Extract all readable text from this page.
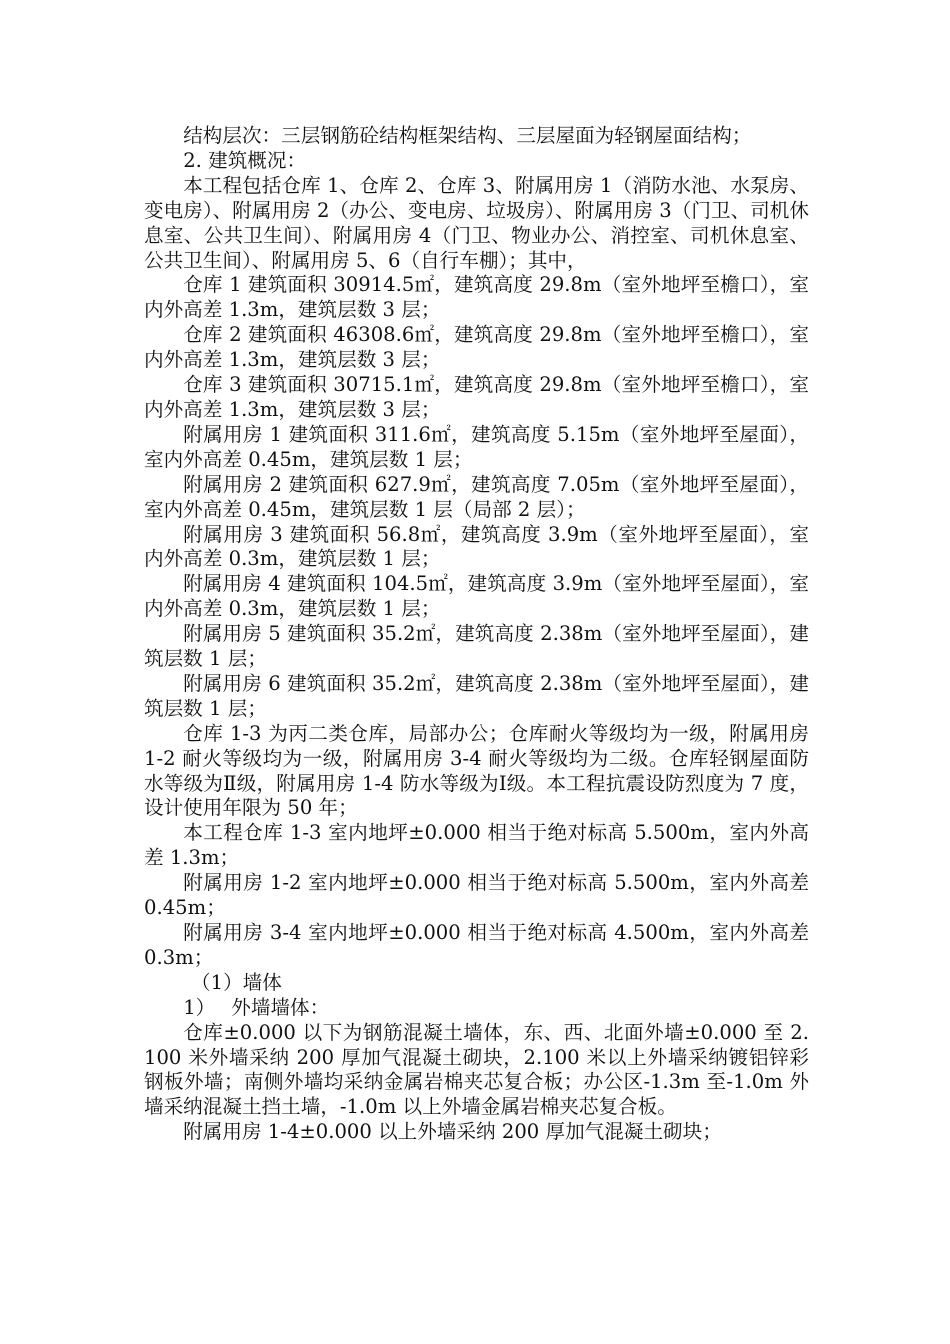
结构层次：三层钢筋砼结构框架结构、三层屋面为轻钢屋面结构；

2. 建筑概况：

本工程包括仓库 1、仓库 2、仓库 3、附属用房 1（消防水池、水泵房、变电房）、附属用房 2（办公、变电房、垃圾房）、附属用房 3（门卫、司机休息室、公共卫生间）、附属用房 4（门卫、物业办公、消控室、司机休息室、公共卫生间）、附属用房 5、6（自行车棚）；其中，

仓库 1 建筑面积 30914.5㎡，建筑高度 29.8m（室外地坪至檐口），室内外高差 1.3m，建筑层数 3 层；

仓库 2 建筑面积 46308.6㎡，建筑高度 29.8m（室外地坪至檐口），室内外高差 1.3m，建筑层数 3 层；

仓库 3 建筑面积 30715.1㎡，建筑高度 29.8m（室外地坪至檐口），室内外高差 1.3m，建筑层数 3 层；

附属用房 1 建筑面积 311.6㎡，建筑高度 5.15m（室外地坪至屋面），室内外高差 0.45m，建筑层数 1 层；

附属用房 2 建筑面积 627.9㎡，建筑高度 7.05m（室外地坪至屋面），室内外高差 0.45m，建筑层数 1 层（局部 2 层）；

附属用房 3 建筑面积 56.8㎡，建筑高度 3.9m（室外地坪至屋面），室内外高差 0.3m，建筑层数 1 层；

附属用房 4 建筑面积 104.5㎡，建筑高度 3.9m（室外地坪至屋面），室内外高差 0.3m，建筑层数 1 层；

附属用房 5 建筑面积 35.2㎡，建筑高度 2.38m（室外地坪至屋面），建筑层数 1 层；

附属用房 6 建筑面积 35.2㎡，建筑高度 2.38m（室外地坪至屋面），建筑层数 1 层；

仓库 1-3 为丙二类仓库，局部办公；仓库耐火等级均为一级，附属用房 1-2 耐火等级均为一级，附属用房 3-4 耐火等级均为二级。仓库轻钢屋面防水等级为Ⅱ级，附属用房 1-4 防水等级为Ⅰ级。本工程抗震设防烈度为 7 度，设计使用年限为 50 年；

本工程仓库 1-3 室内地坪±0.000 相当于绝对标高 5.500m，室内外高差 1.3m；

附属用房 1-2 室内地坪±0.000 相当于绝对标高 5.500m，室内外高差 0.45m；

附属用房 3-4 室内地坪±0.000 相当于绝对标高 4.500m，室内外高差 0.3m；

（1）墙体

1）　 外墙墙体：

仓库±0.000 以下为钢筋混凝土墙体，东、西、北面外墙±0.000 至 2.100 米外墙采纳 200 厚加气混凝土砌块，2.100 米以上外墙采纳镀铝锌彩钢板外墙；南侧外墙均采纳金属岩棉夹芯复合板；办公区-1.3m 至-1.0m 外墙采纳混凝土挡土墙，-1.0m 以上外墙金属岩棉夹芯复合板。

附属用房 1-4±0.000 以上外墙采纳 200 厚加气混凝土砌块；
